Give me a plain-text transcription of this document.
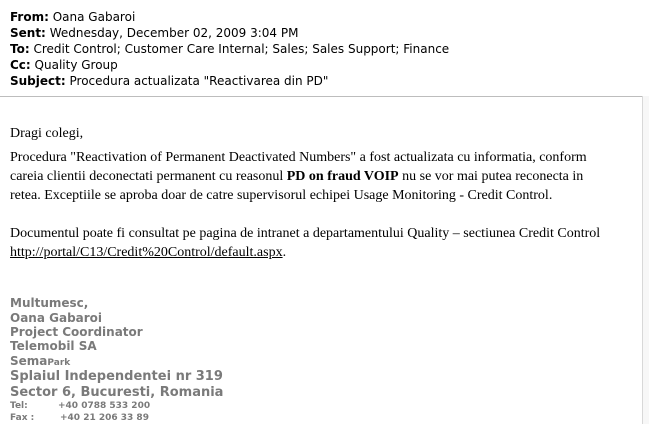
From: Oana Gabaroi
Sent: Wednesday, December 02, 2009 3:04 PM
To: Credit Control; Customer Care Internal; Sales; Sales Support; Finance
Cc: Quality Group
Subject: Procedura actualizata "Reactivarea din PD"
Dragi colegi,
Procedura "Reactivation of Permanent Deactivated Numbers" a fost actualizata cu informatia, conform
careia clientii deconectati permanent cu reasonul PD on fraud VOIP nu se vor mai putea reconecta in
retea. Exceptiile se aproba doar de catre supervisorul echipei Usage Monitoring - Credit Control.
Documentul poate fi consultat pe pagina de intranet a departamentului Quality – sectiunea Credit Control
http://portal/C13/Credit%20Control/default.aspx.
Multumesc,
Oana Gabaroi
Project Coordinator
Telemobil SA
SemaPark
Splaiul Independentei nr 319
Sector 6, Bucuresti, Romania
Tel:	+40 0788 533 200
Fax :	+40 21 206 33 89
